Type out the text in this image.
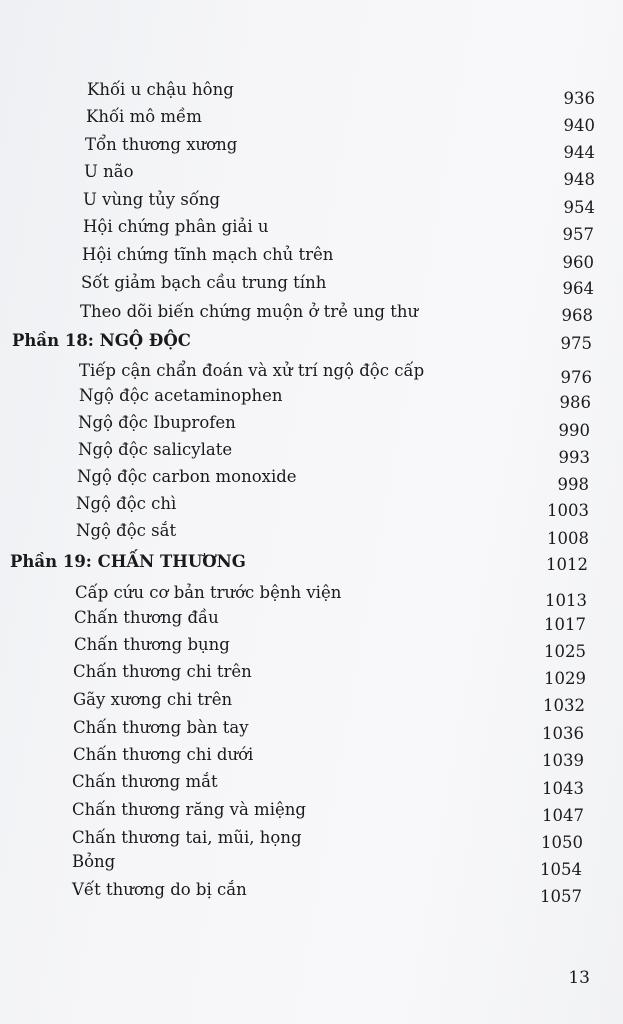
Khối u chậu hông	936
Khối mô mềm	940
Tổn thương xương	944
U não	948
U vùng tủy sống	954
Hội chứng phân giải u	957
Hội chứng tĩnh mạch chủ trên	960
Sốt giảm bạch cầu trung tính	964
Theo dõi biến chứng muộn ở trẻ ung thư	968
Phần 18: NGỘ ĐỘC	975
Tiếp cận chẩn đoán và xử trí ngộ độc cấp	976
Ngộ độc acetaminophen	986
Ngộ độc Ibuprofen	990
Ngộ độc salicylate	993
Ngộ độc carbon monoxide	998
Ngộ độc chì	1003
Ngộ độc sắt	1008
Phần 19: CHẤN THƯƠNG	1012
Cấp cứu cơ bản trước bệnh viện	1013
Chấn thương đầu	1017
Chấn thương bụng	1025
Chấn thương chi trên	1029
Gãy xương chi trên	1032
Chấn thương bàn tay	1036
Chấn thương chi dưới	1039
Chấn thương mắt	1043
Chấn thương răng và miệng	1047
Chấn thương tai, mũi, họng	1050
Bỏng	1054
Vết thương do bị cắn	1057
13
